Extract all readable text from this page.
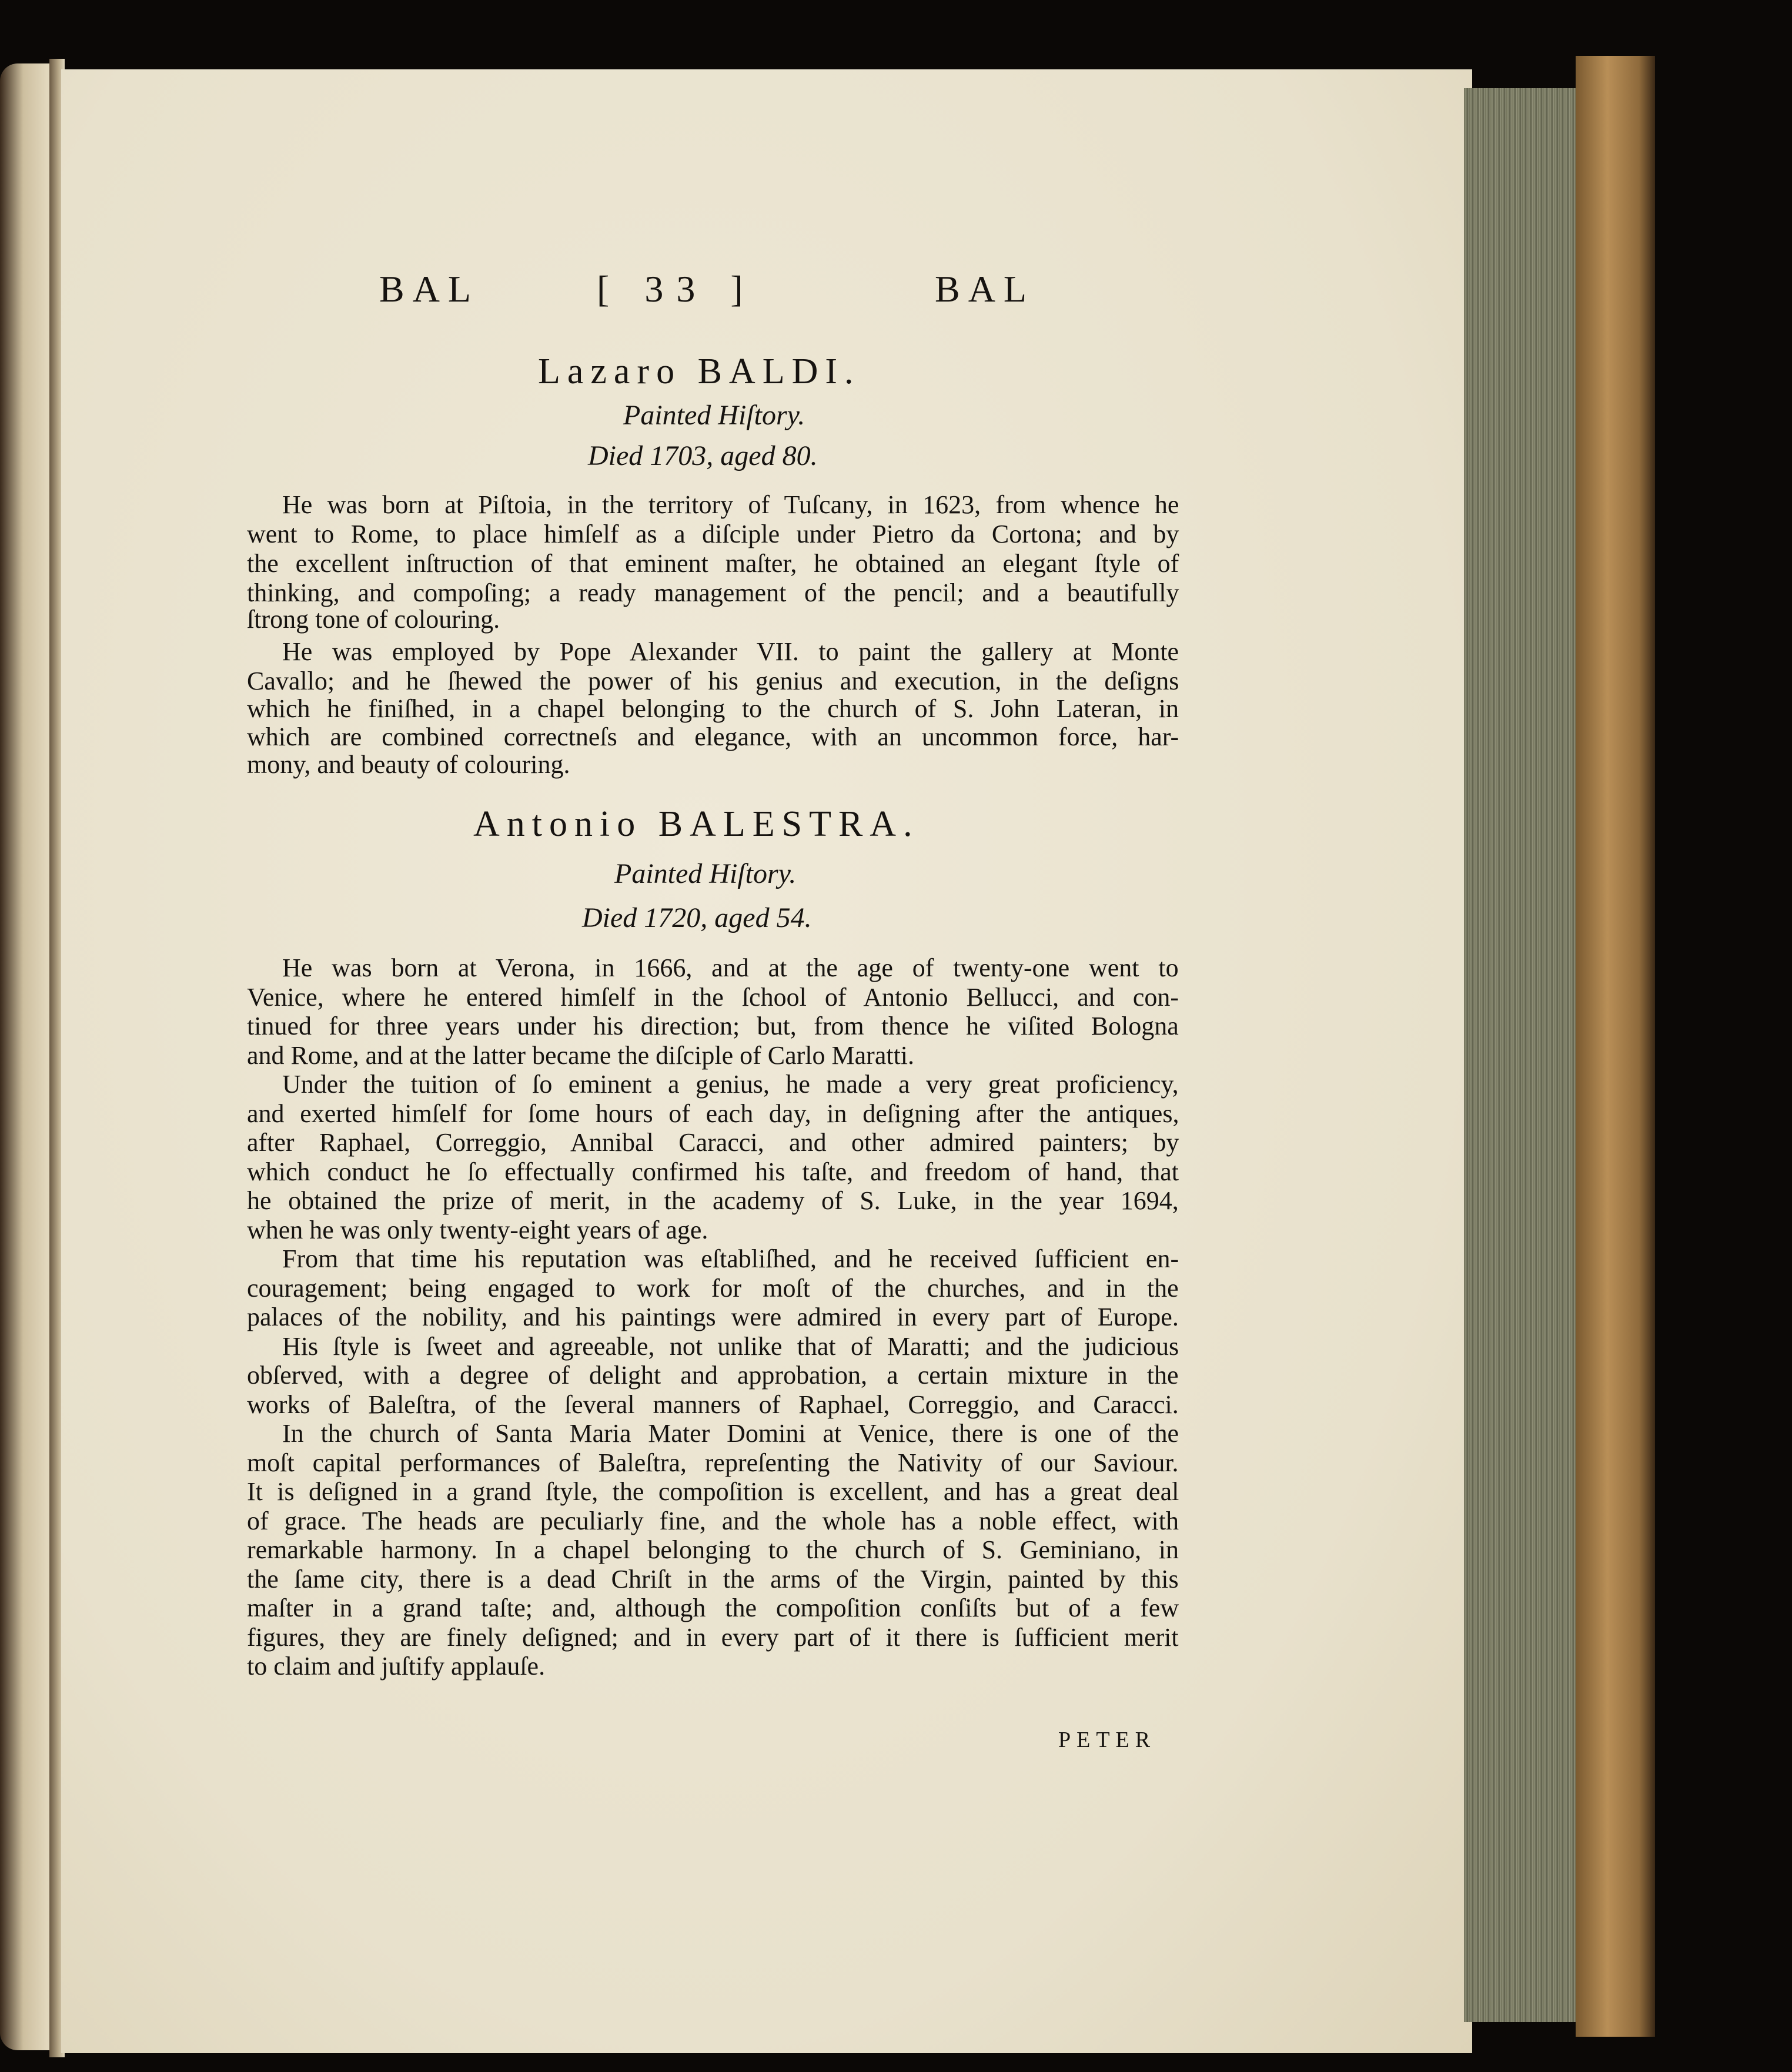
BAL	[ 33 ]	BAL
Lazaro BALDI.
Painted Hiſtory.
Died 1703, aged 80.
He was born at Piſtoia, in the territory of Tuſcany, in 1623, from whence he
went to Rome, to place himſelf as a diſciple under Pietro da Cortona; and by
the excellent inſtruction of that eminent maſter, he obtained an elegant ſtyle of
thinking, and compoſing; a ready management of the pencil; and a beautifully
ſtrong tone of colouring.
He was employed by Pope Alexander VII. to paint the gallery at Monte
Cavallo; and he ſhewed the power of his genius and execution, in the deſigns
which he finiſhed, in a chapel belonging to the church of S. John Lateran, in
which are combined correctneſs and elegance, with an uncommon force, har-
mony, and beauty of colouring.
Antonio BALESTRA.
Painted Hiſtory.
Died 1720, aged 54.
He was born at Verona, in 1666, and at the age of twenty-one went to
Venice, where he entered himſelf in the ſchool of Antonio Bellucci, and con-
tinued for three years under his direction; but, from thence he viſited Bologna
and Rome, and at the latter became the diſciple of Carlo Maratti.
Under the tuition of ſo eminent a genius, he made a very great proficiency,
and exerted himſelf for ſome hours of each day, in deſigning after the antiques,
after Raphael, Correggio, Annibal Caracci, and other admired painters; by
which conduct he ſo effectually confirmed his taſte, and freedom of hand, that
he obtained the prize of merit, in the academy of S. Luke, in the year 1694,
when he was only twenty-eight years of age.
From that time his reputation was eſtabliſhed, and he received ſufficient en-
couragement; being engaged to work for moſt of the churches, and in the
palaces of the nobility, and his paintings were admired in every part of Europe.
His ſtyle is ſweet and agreeable, not unlike that of Maratti; and the judicious
obſerved, with a degree of delight and approbation, a certain mixture in the
works of Baleſtra, of the ſeveral manners of Raphael, Correggio, and Caracci.
In the church of Santa Maria Mater Domini at Venice, there is one of the
moſt capital performances of Baleſtra, repreſenting the Nativity of our Saviour.
It is deſigned in a grand ſtyle, the compoſition is excellent, and has a great deal
of grace. The heads are peculiarly fine, and the whole has a noble effect, with
remarkable harmony. In a chapel belonging to the church of S. Geminiano, in
the ſame city, there is a dead Chriſt in the arms of the Virgin, painted by this
maſter in a grand taſte; and, although the compoſition conſiſts but of a few
figures, they are finely deſigned; and in every part of it there is ſufficient merit
to claim and juſtify applauſe.
PETER
